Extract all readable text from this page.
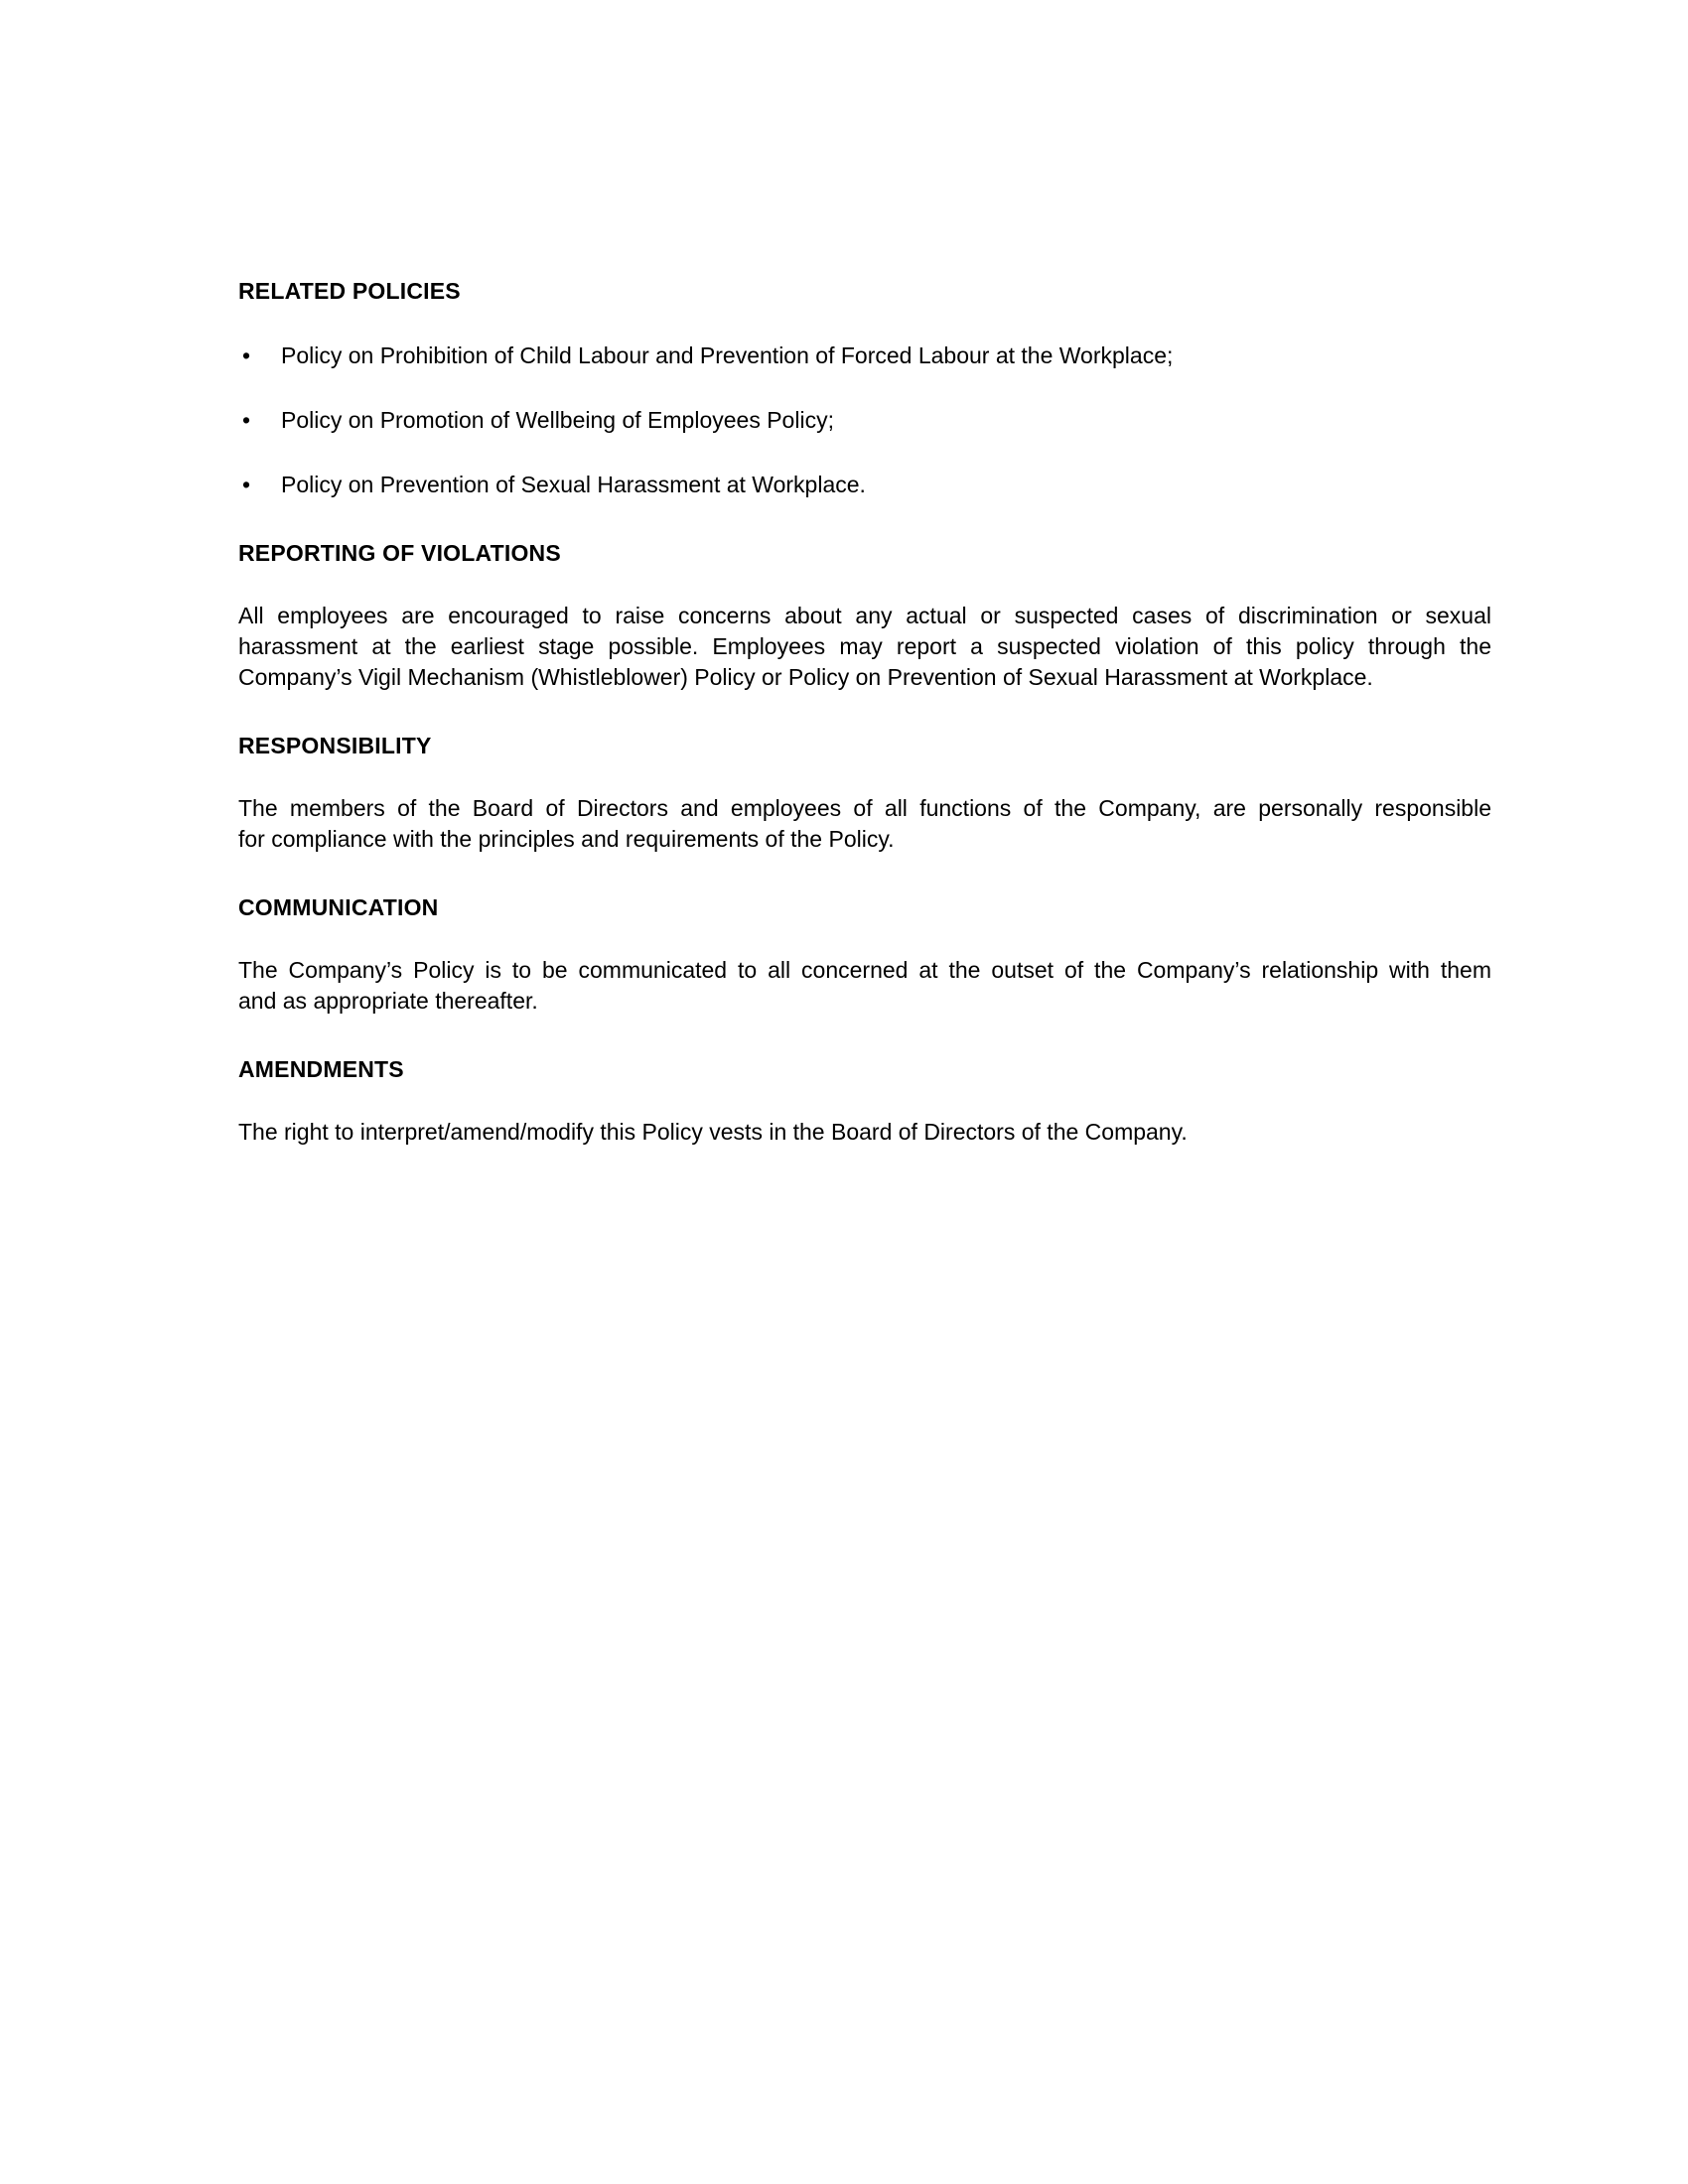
RELATED POLICIES
• Policy on Prohibition of Child Labour and Prevention of Forced Labour at the Workplace;
• Policy on Promotion of Wellbeing of Employees Policy;
• Policy on Prevention of Sexual Harassment at Workplace.
REPORTING OF VIOLATIONS
All employees are encouraged to raise concerns about any actual or suspected cases of discrimination or sexual
harassment at the earliest stage possible. Employees may report a suspected violation of this policy through the
Company’s Vigil Mechanism (Whistleblower) Policy or Policy on Prevention of Sexual Harassment at Workplace.
RESPONSIBILITY
The members of the Board of Directors and employees of all functions of the Company, are personally responsible
for compliance with the principles and requirements of the Policy.
COMMUNICATION
The Company’s Policy is to be communicated to all concerned at the outset of the Company’s relationship with them
and as appropriate thereafter.
AMENDMENTS
The right to interpret/amend/modify this Policy vests in the Board of Directors of the Company.
